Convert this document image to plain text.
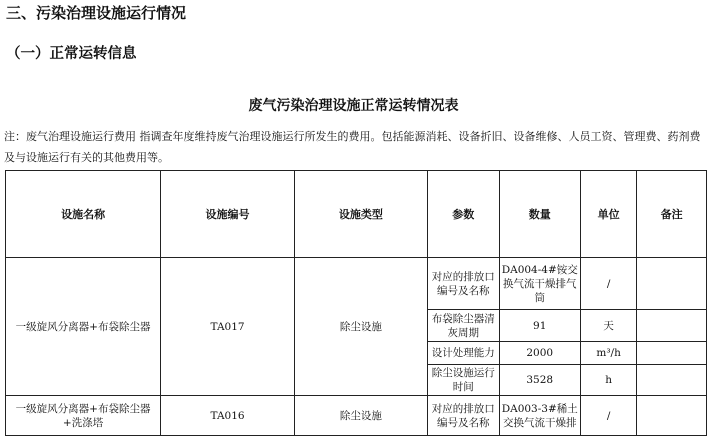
三、污染治理设施运行情况
（一）正常运转信息
废气污染治理设施正常运转情况表
注：废气治理设施运行费用 指调查年度维持废气治理设施运行所发生的费用。包括能源消耗、设备折旧、设备维修、人员工资、管理费、药剂费及与设施运行有关的其他费用等。
设施名称	设施编号	设施类型	参数	数量	单位	备注
一级旋风分离器+布袋除尘器	TA017	除尘设施	对应的排放口编号及名称	DA004-4#铵交换气流干燥排气筒	/	
			布袋除尘器清灰周期	91	天	
			设计处理能力	2000	m³/h	
			除尘设施运行时间	3528	h	
一级旋风分离器+布袋除尘器+洗涤塔	TA016	除尘设施	对应的排放口编号及名称	DA003-3#稀土交换气流干燥排	/	
